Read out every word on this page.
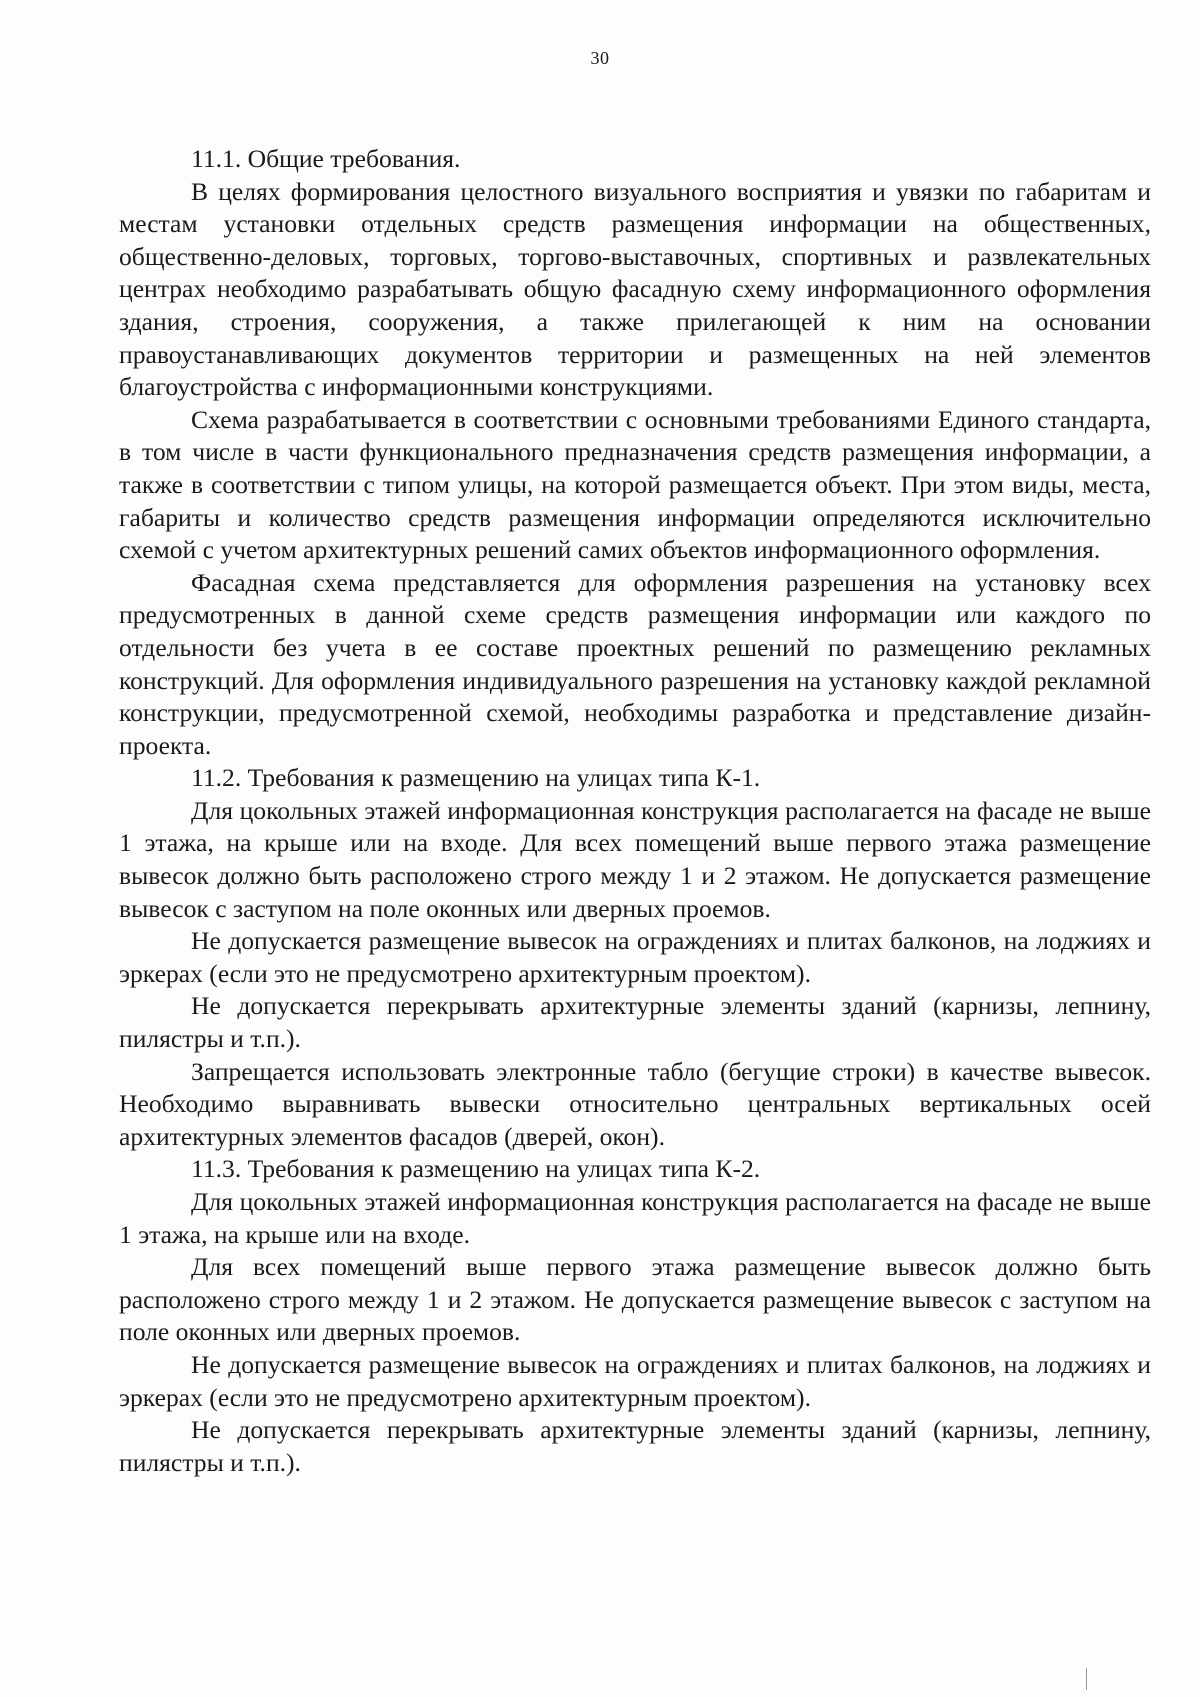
30

11.1. Общие требования.

В целях формирования целостного визуального восприятия и увязки по габаритам и местам установки отдельных средств размещения информации на общественных, общественно-деловых, торговых, торгово-выставочных, спортивных и развлекательных центрах необходимо разрабатывать общую фасадную схему информационного оформления здания, строения, сооружения, а также прилегающей к ним на основании правоустанавливающих документов территории и размещенных на ней элементов благоустройства с информационными конструкциями.

Схема разрабатывается в соответствии с основными требованиями Единого стандарта, в том числе в части функционального предназначения средств размещения информации, а также в соответствии с типом улицы, на которой размещается объект. При этом виды, места, габариты и количество средств размещения информации определяются исключительно схемой с учетом архитектурных решений самих объектов информационного оформления.

Фасадная схема представляется для оформления разрешения на установку всех предусмотренных в данной схеме средств размещения информации или каждого по отдельности без учета в ее составе проектных решений по размещению рекламных конструкций. Для оформления индивидуального разрешения на установку каждой рекламной конструкции, предусмотренной схемой, необходимы разработка и представление дизайн-проекта.

11.2. Требования к размещению на улицах типа К-1.

Для цокольных этажей информационная конструкция располагается на фасаде не выше 1 этажа, на крыше или на входе. Для всех помещений выше первого этажа размещение вывесок должно быть расположено строго между 1 и 2 этажом. Не допускается размещение вывесок с заступом на поле оконных или дверных проемов.

Не допускается размещение вывесок на ограждениях и плитах балконов, на лоджиях и эркерах (если это не предусмотрено архитектурным проектом).

Не допускается перекрывать архитектурные элементы зданий (карнизы, лепнину, пилястры и т.п.).

Запрещается использовать электронные табло (бегущие строки) в качестве вывесок. Необходимо выравнивать вывески относительно центральных вертикальных осей архитектурных элементов фасадов (дверей, окон).

11.3. Требования к размещению на улицах типа К-2.

Для цокольных этажей информационная конструкция располагается на фасаде не выше 1 этажа, на крыше или на входе.

Для всех помещений выше первого этажа размещение вывесок должно быть расположено строго между 1 и 2 этажом. Не допускается размещение вывесок с заступом на поле оконных или дверных проемов.

Не допускается размещение вывесок на ограждениях и плитах балконов, на лоджиях и эркерах (если это не предусмотрено архитектурным проектом).

Не допускается перекрывать архитектурные элементы зданий (карнизы, лепнину, пилястры и т.п.).
